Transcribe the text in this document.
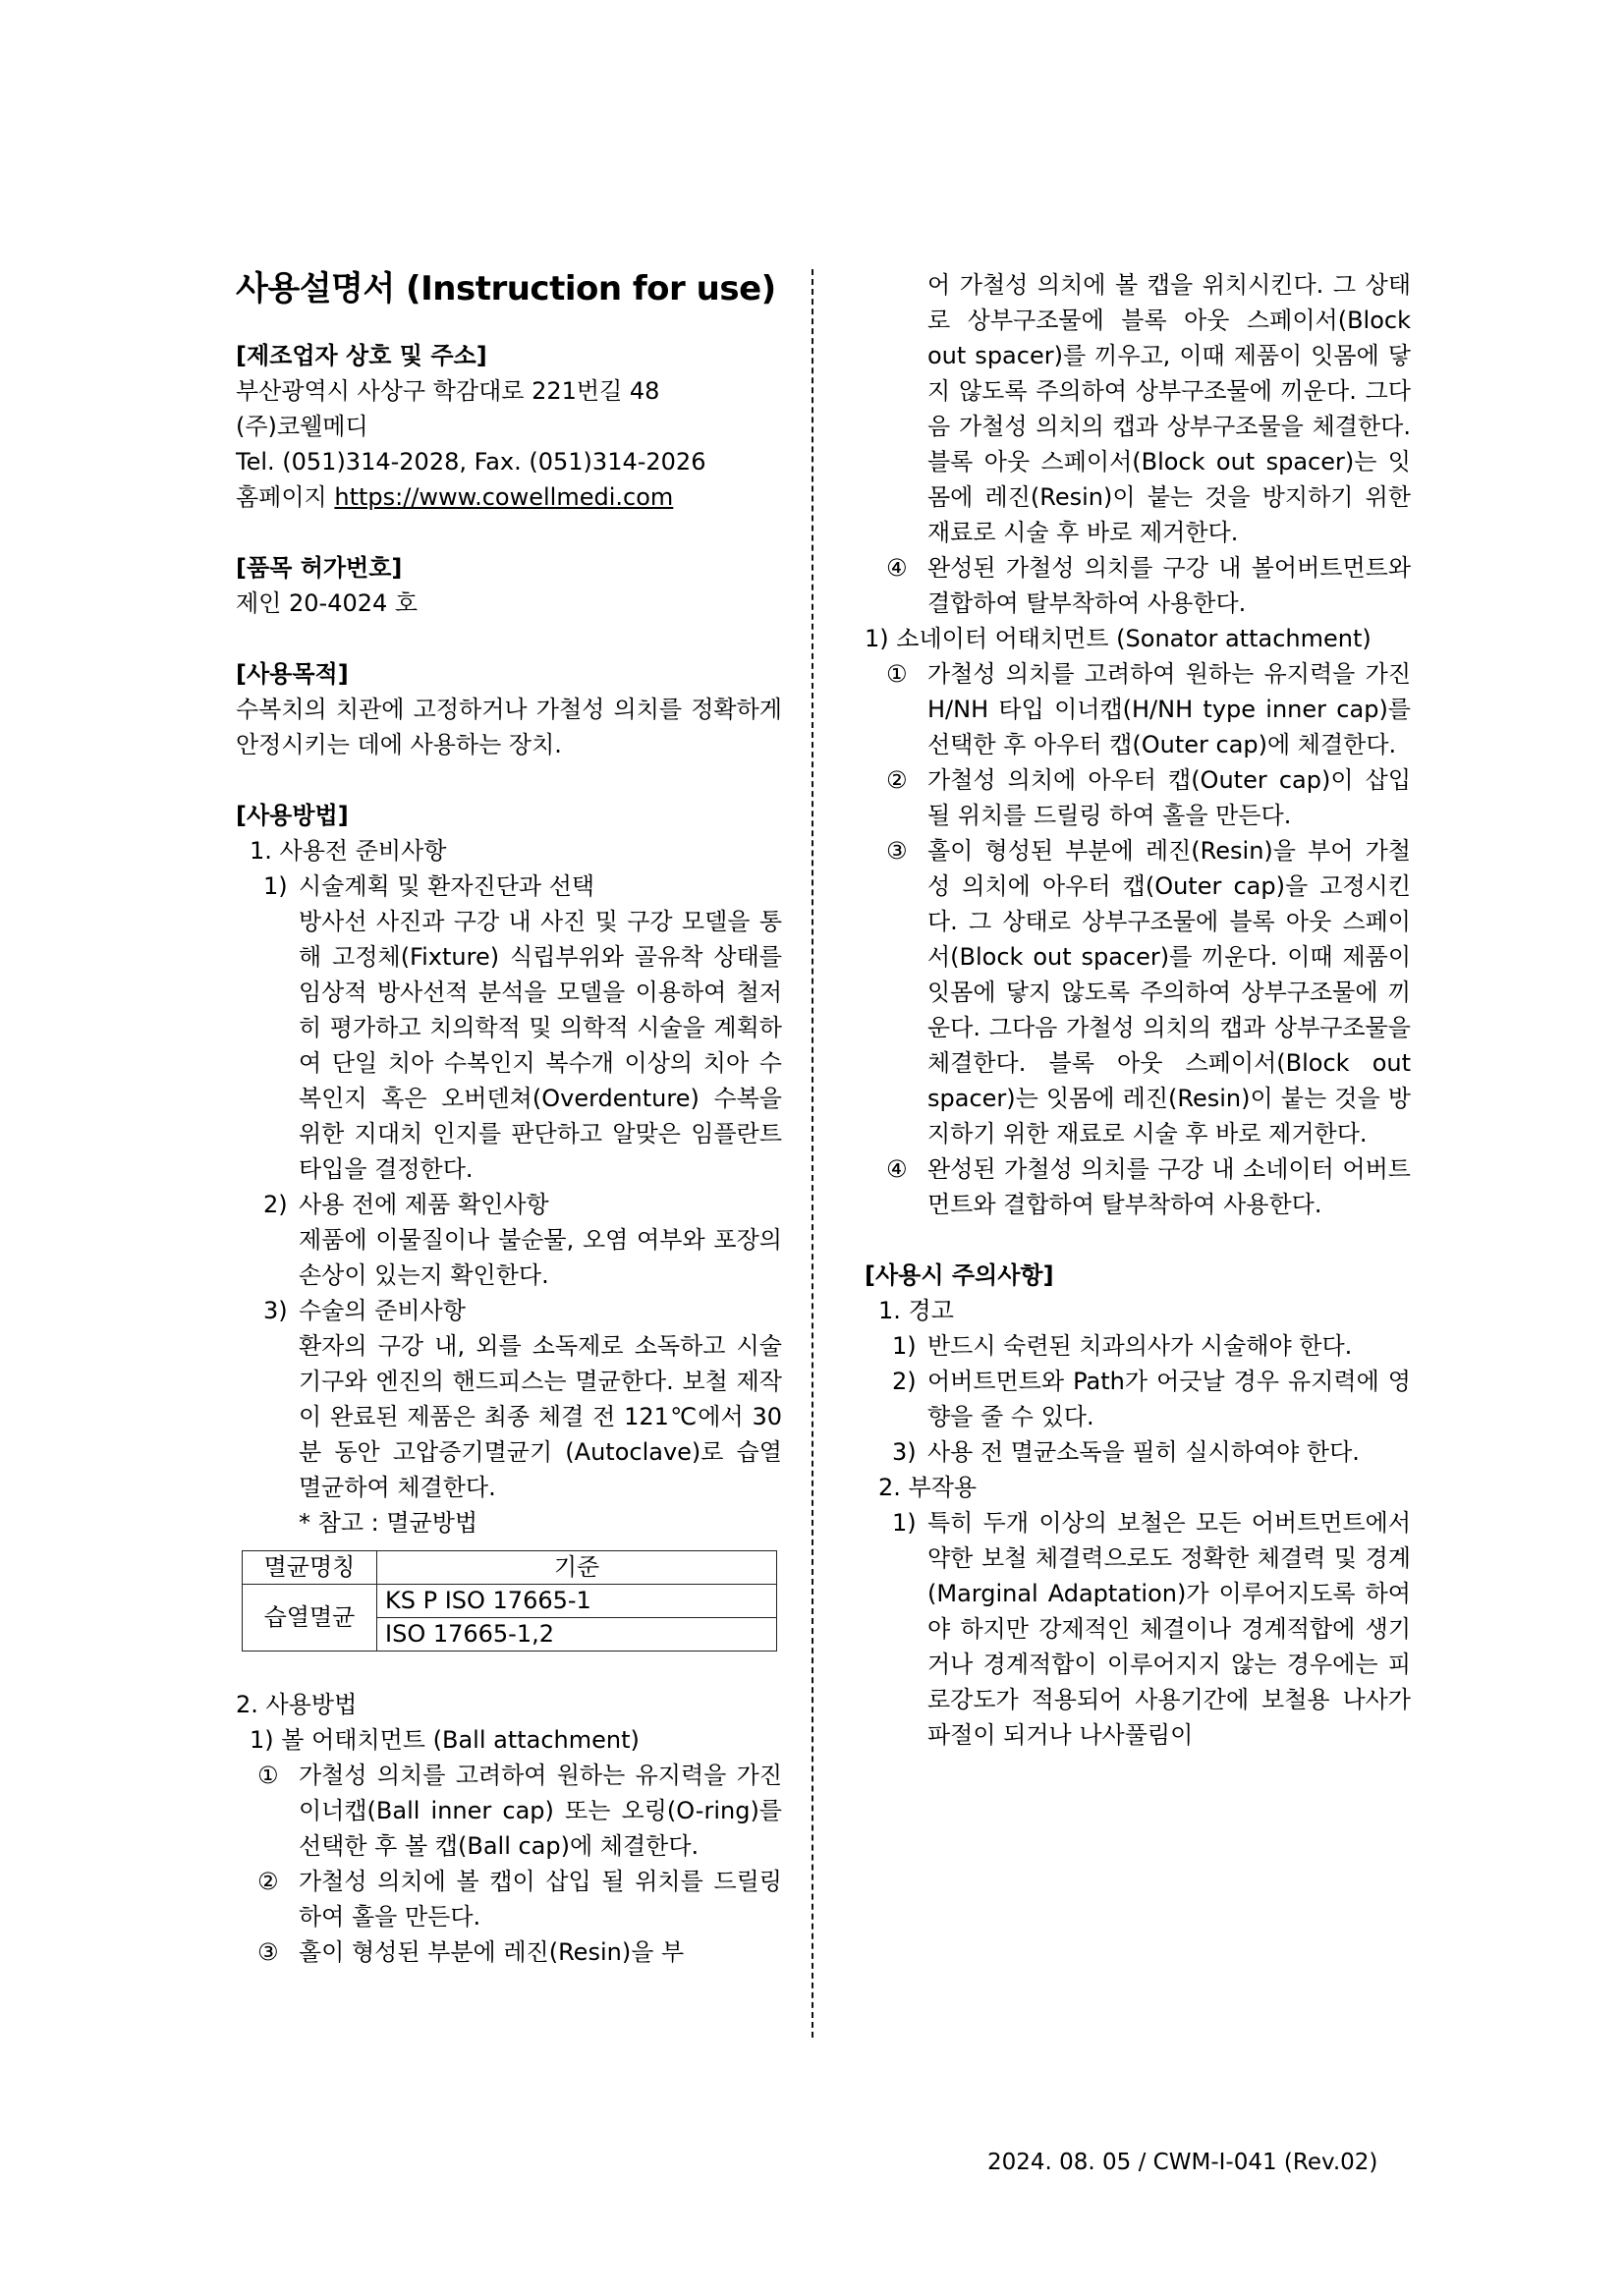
사용설명서 (Instruction for use)
[제조업자 상호 및 주소]
부산광역시 사상구 학감대로 221번길 48
(주)코웰메디
Tel. (051)314-2028, Fax. (051)314-2026
홈페이지 https://www.cowellmedi.com
[품목 허가번호]
제인 20-4024 호
[사용목적]
수복치의 치관에 고정하거나 가철성 의치를 정확하게 안정시키는 데에 사용하는 장치.
[사용방법]
1. 사용전 준비사항
1) 시술계획 및 환자진단과 선택
방사선 사진과 구강 내 사진 및 구강 모델을 통해 고정체(Fixture) 식립부위와 골유착 상태를 임상적 방사선적 분석을 모델을 이용하여 철저히 평가하고 치의학적 및 의학적 시술을 계획하여 단일 치아 수복인지 복수개 이상의 치아 수복인지 혹은 오버덴쳐(Overdenture) 수복을 위한 지대치 인지를 판단하고 알맞은 임플란트 타입을 결정한다.
2) 사용 전에 제품 확인사항
제품에 이물질이나 불순물, 오염 여부와 포장의 손상이 있는지 확인한다.
3) 수술의 준비사항
환자의 구강 내, 외를 소독제로 소독하고 시술 기구와 엔진의 핸드피스는 멸균한다. 보철 제작이 완료된 제품은 최종 체결 전 121℃에서 30분 동안 고압증기멸균기 (Autoclave)로 습열 멸균하여 체결한다.
* 참고 : 멸균방법
멸균명칭	기준
습열멸균	KS P ISO 17665-1
	ISO 17665-1,2
2. 사용방법
1) 볼 어태치먼트 (Ball attachment)
① 가철성 의치를 고려하여 원하는 유지력을 가진 이너캡(Ball inner cap) 또는 오링(O-ring)를 선택한 후 볼 캡(Ball cap)에 체결한다.
② 가철성 의치에 볼 캡이 삽입 될 위치를 드릴링 하여 홀을 만든다.
③ 홀이 형성된 부분에 레진(Resin)을 부
어 가철성 의치에 볼 캡을 위치시킨다. 그 상태로 상부구조물에 블록 아웃 스페이서(Block out spacer)를 끼우고, 이때 제품이 잇몸에 닿지 않도록 주의하여 상부구조물에 끼운다. 그다음 가철성 의치의 캡과 상부구조물을 체결한다. 블록 아웃 스페이서(Block out spacer)는 잇몸에 레진(Resin)이 붙는 것을 방지하기 위한 재료로 시술 후 바로 제거한다.
④ 완성된 가철성 의치를 구강 내 볼어버트먼트와 결합하여 탈부착하여 사용한다.
1) 소네이터 어태치먼트 (Sonator attachment)
① 가철성 의치를 고려하여 원하는 유지력을 가진 H/NH 타입 이너캡(H/NH type inner cap)를 선택한 후 아우터 캡(Outer cap)에 체결한다.
② 가철성 의치에 아우터 캡(Outer cap)이 삽입 될 위치를 드릴링 하여 홀을 만든다.
③ 홀이 형성된 부분에 레진(Resin)을 부어 가철성 의치에 아우터 캡(Outer cap)을 고정시킨다. 그 상태로 상부구조물에 블록 아웃 스페이서(Block out spacer)를 끼운다. 이때 제품이 잇몸에 닿지 않도록 주의하여 상부구조물에 끼운다. 그다음 가철성 의치의 캡과 상부구조물을 체결한다. 블록 아웃 스페이서(Block out spacer)는 잇몸에 레진(Resin)이 붙는 것을 방지하기 위한 재료로 시술 후 바로 제거한다.
④ 완성된 가철성 의치를 구강 내 소네이터 어버트먼트와 결합하여 탈부착하여 사용한다.
[사용시 주의사항]
1. 경고
1) 반드시 숙련된 치과의사가 시술해야 한다.
2) 어버트먼트와 Path가 어긋날 경우 유지력에 영향을 줄 수 있다.
3) 사용 전 멸균소독을 필히 실시하여야 한다.
2. 부작용
1) 특히 두개 이상의 보철은 모든 어버트먼트에서 약한 보철 체결력으로도 정확한 체결력 및 경계(Marginal Adaptation)가 이루어지도록 하여야 하지만 강제적인 체결이나 경계적합에 생기거나 경계적합이 이루어지지 않는 경우에는 피로강도가 적용되어 사용기간에 보철용 나사가 파절이 되거나 나사풀림이
2024. 08. 05 / CWM-I-041 (Rev.02)
